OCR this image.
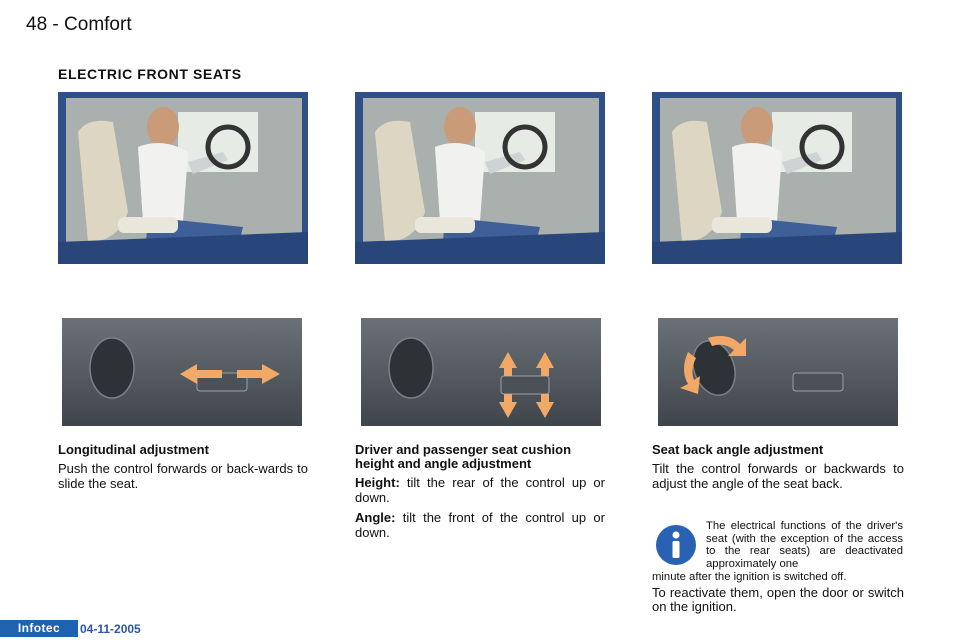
48 - Comfort
ELECTRIC FRONT SEATS
Longitudinal adjustment
Push the control forwards or back-wards to slide the seat.
Driver and passenger seat cushion height and angle adjustment
Height: tilt the rear of the control up or down.
Angle: tilt the front of the control up or down.
Seat back angle adjustment
Tilt the control forwards or backwards to adjust the angle of the seat back.
The electrical functions of the driver's seat (with the exception of the access to the rear seats) are deactivated approximately one
minute after the ignition is switched off.
To reactivate them, open the door or switch on the ignition.
Infotec	04-11-2005
